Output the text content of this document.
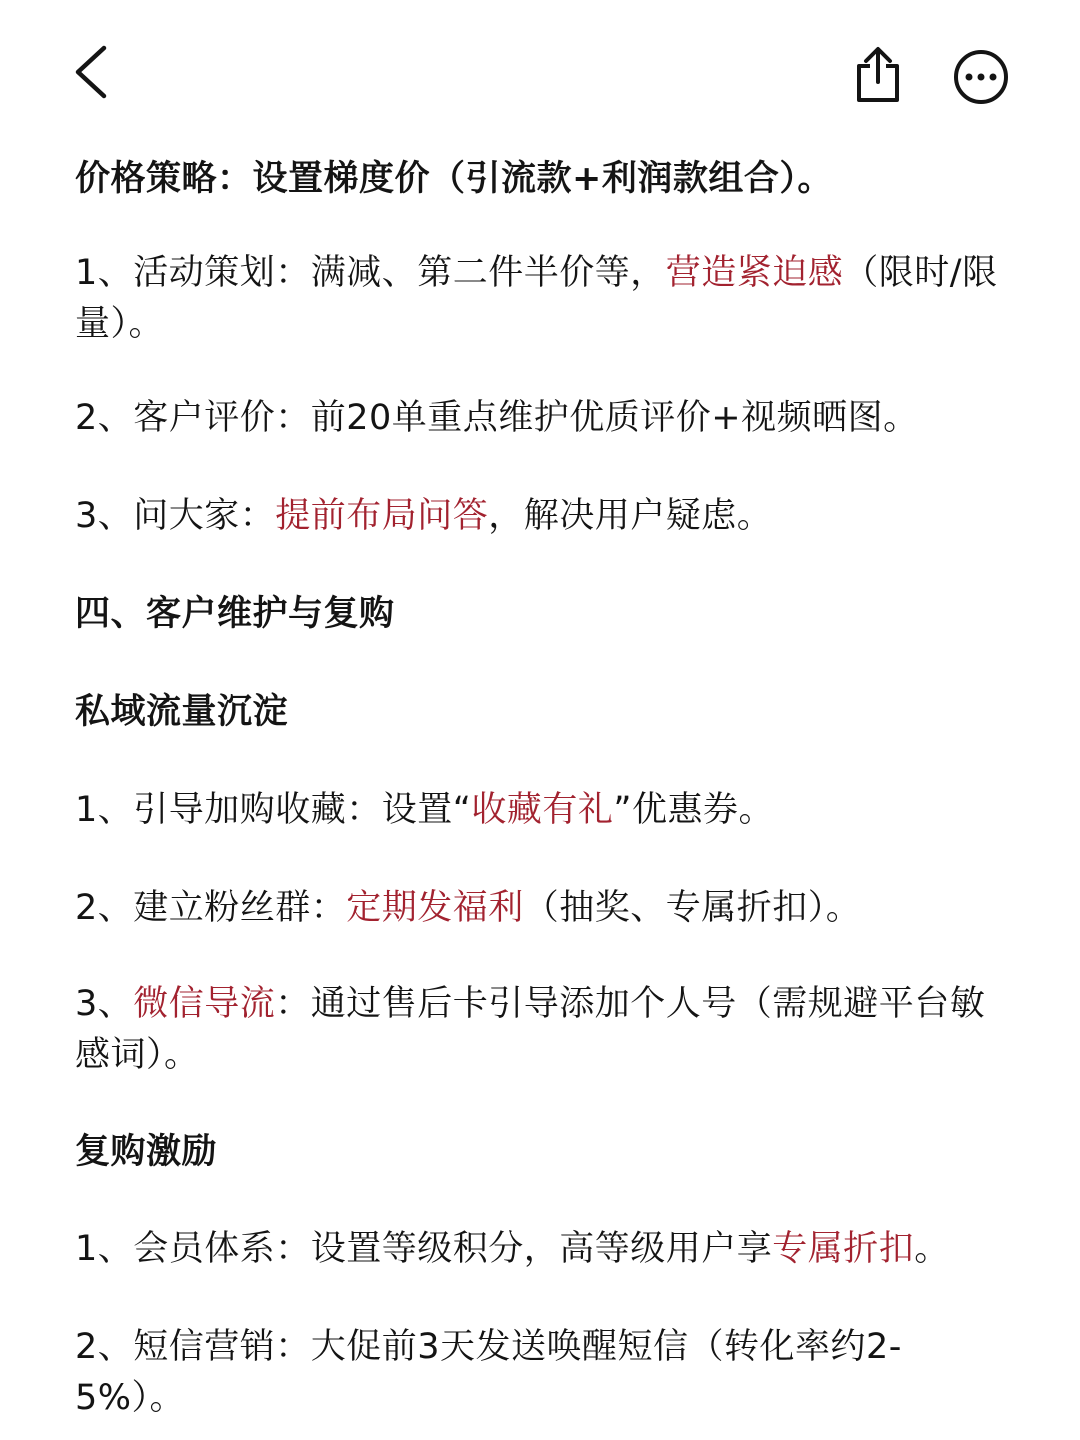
价格策略：设置梯度价（引流款+利润款组合）。

1、活动策划：满减、第二件半价等，营造紧迫感（限时/限量）。

2、客户评价：前20单重点维护优质评价+视频晒图。

3、问大家：提前布局问答，解决用户疑虑。

四、客户维护与复购

私域流量沉淀

1、引导加购收藏：设置“收藏有礼”优惠券。

2、建立粉丝群：定期发福利（抽奖、专属折扣）。

3、微信导流：通过售后卡引导添加个人号（需规避平台敏感词）。

复购激励

1、会员体系：设置等级积分，高等级用户享专属折扣。

2、短信营销：大促前3天发送唤醒短信（转化率约2-5%）。
